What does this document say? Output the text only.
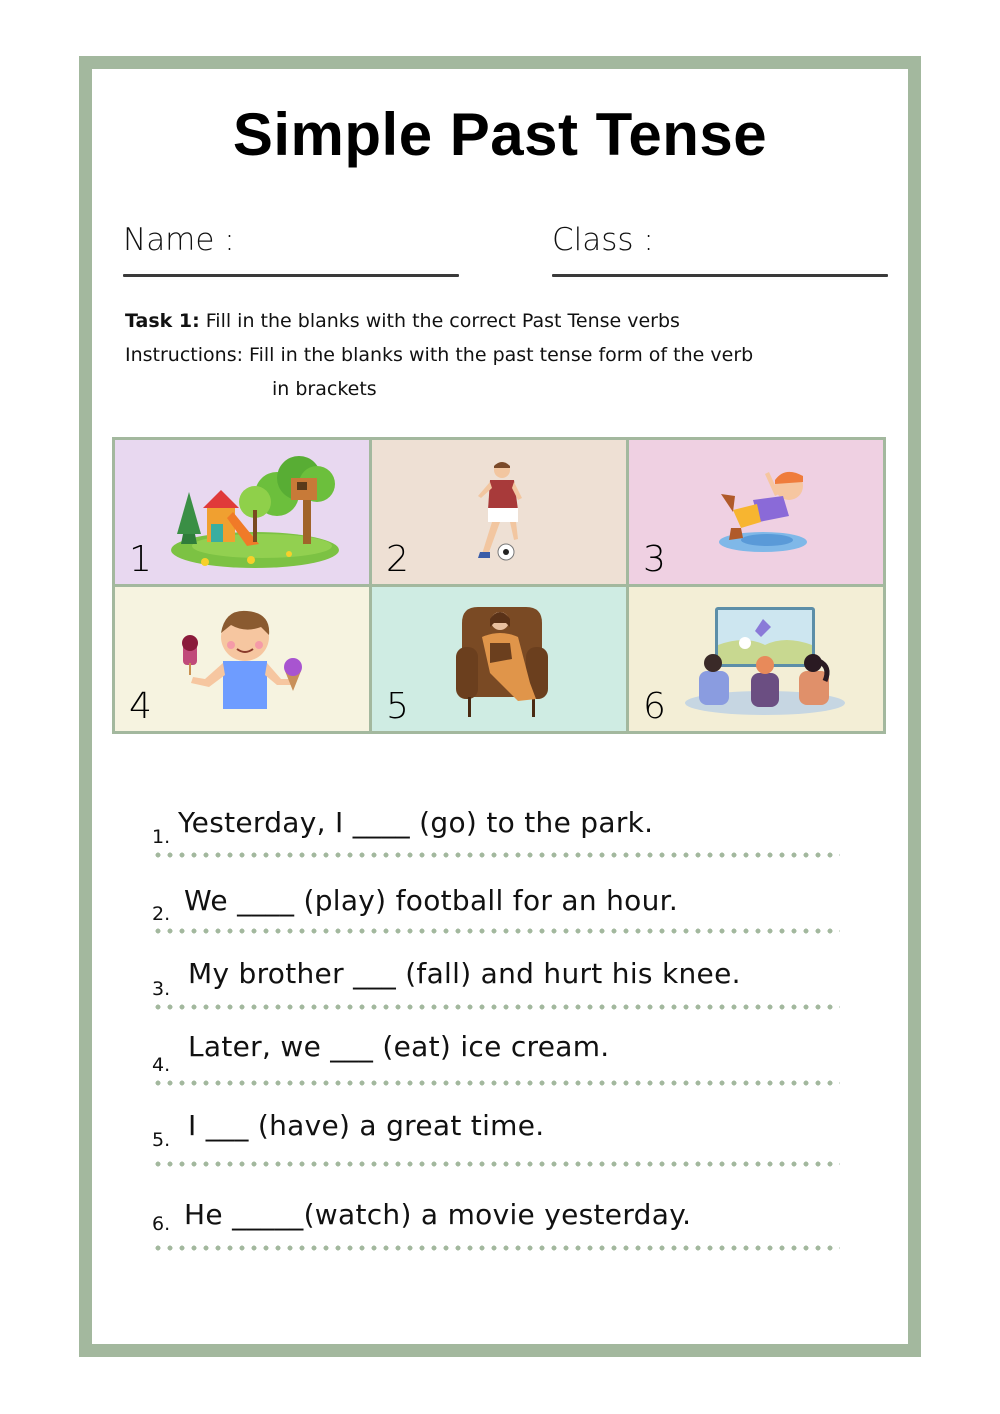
Simple Past Tense
Name :	Class :
Task 1: Fill in the blanks with the correct Past Tense verbs
Instructions: Fill in the blanks with the past tense form of the verb
in brackets
1	2	3
4	5	6
1. Yesterday, I ____ (go) to the park.
2. We ____ (play) football for an hour.
3. My brother ___ (fall) and hurt his knee.
4.
Later, we ___ (eat) ice cream.
5. I ___ (have) a great time.
6. He _____(watch) a movie yesterday.
